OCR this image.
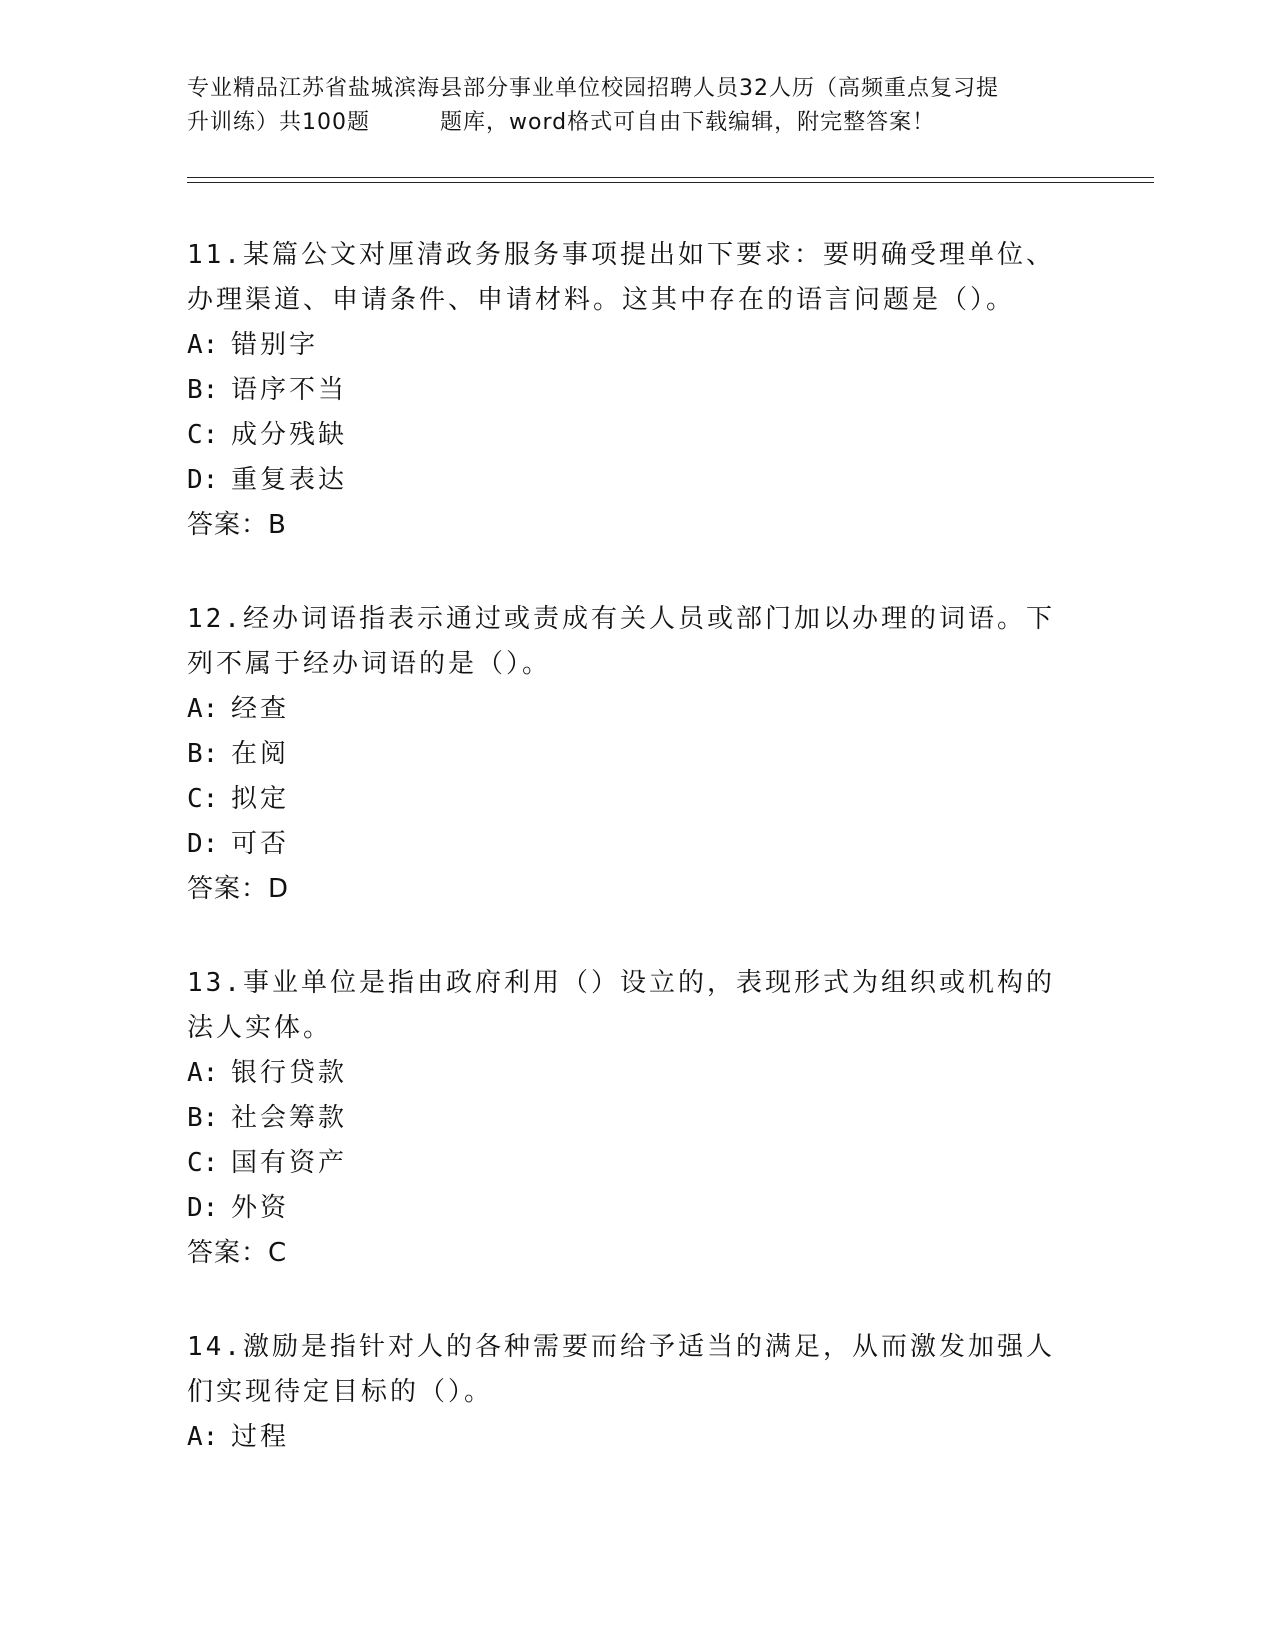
专业精品江苏省盐城滨海县部分事业单位校园招聘人员32人历（高频重点复习提
升训练）共100题	题库，word格式可自由下载编辑，附完整答案！

11.某篇公文对厘清政务服务事项提出如下要求：要明确受理单位、办理渠道、申请条件、申请材料。这其中存在的语言问题是（）。

A: 错别字

B: 语序不当

C: 成分残缺

D: 重复表达

答案：B

12.经办词语指表示通过或责成有关人员或部门加以办理的词语。下列不属于经办词语的是（）。

A: 经查

B: 在阅

C: 拟定

D: 可否

答案：D

13.事业单位是指由政府利用（）设立的，表现形式为组织或机构的法人实体。

A: 银行贷款

B: 社会筹款

C: 国有资产

D: 外资

答案：C

14.激励是指针对人的各种需要而给予适当的满足，从而激发加强人们实现待定目标的（）。

A: 过程
